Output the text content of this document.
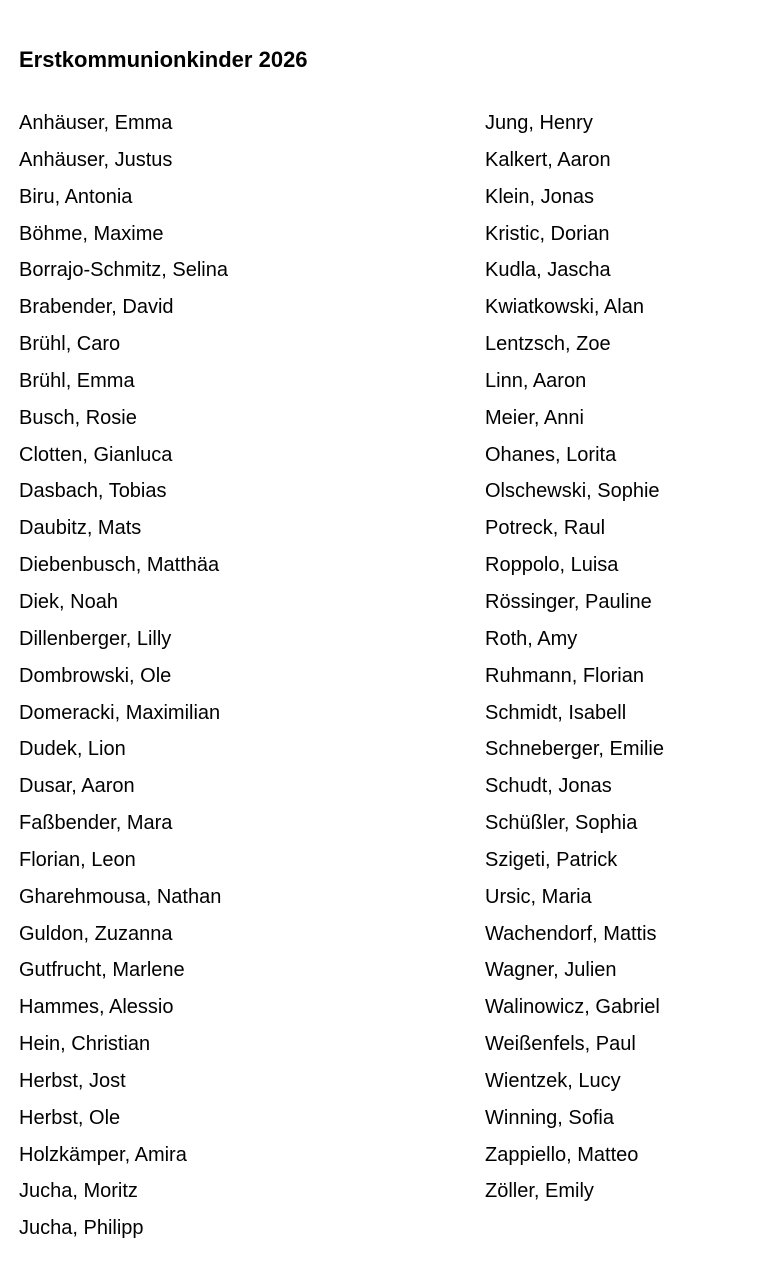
Erstkommunionkinder 2026
Anhäuser, Emma
Anhäuser, Justus
Biru, Antonia
Böhme, Maxime
Borrajo-Schmitz, Selina
Brabender, David
Brühl, Caro
Brühl, Emma
Busch, Rosie
Clotten, Gianluca
Dasbach, Tobias
Daubitz, Mats
Diebenbusch, Matthäa
Diek, Noah
Dillenberger, Lilly
Dombrowski, Ole
Domeracki, Maximilian
Dudek, Lion
Dusar, Aaron
Faßbender, Mara
Florian, Leon
Gharehmousa, Nathan
Guldon, Zuzanna
Gutfrucht, Marlene
Hammes, Alessio
Hein, Christian
Herbst, Jost
Herbst, Ole
Holzkämper, Amira
Jucha, Moritz
Jucha, Philipp
Jung, Henry
Kalkert, Aaron
Klein, Jonas
Kristic, Dorian
Kudla, Jascha
Kwiatkowski, Alan
Lentzsch, Zoe
Linn, Aaron
Meier, Anni
Ohanes, Lorita
Olschewski, Sophie
Potreck, Raul
Roppolo, Luisa
Rössinger, Pauline
Roth, Amy
Ruhmann, Florian
Schmidt, Isabell
Schneberger, Emilie
Schudt, Jonas
Schüßler, Sophia
Szigeti, Patrick
Ursic, Maria
Wachendorf, Mattis
Wagner, Julien
Walinowicz, Gabriel
Weißenfels, Paul
Wientzek, Lucy
Winning, Sofia
Zappiello, Matteo
Zöller, Emily
